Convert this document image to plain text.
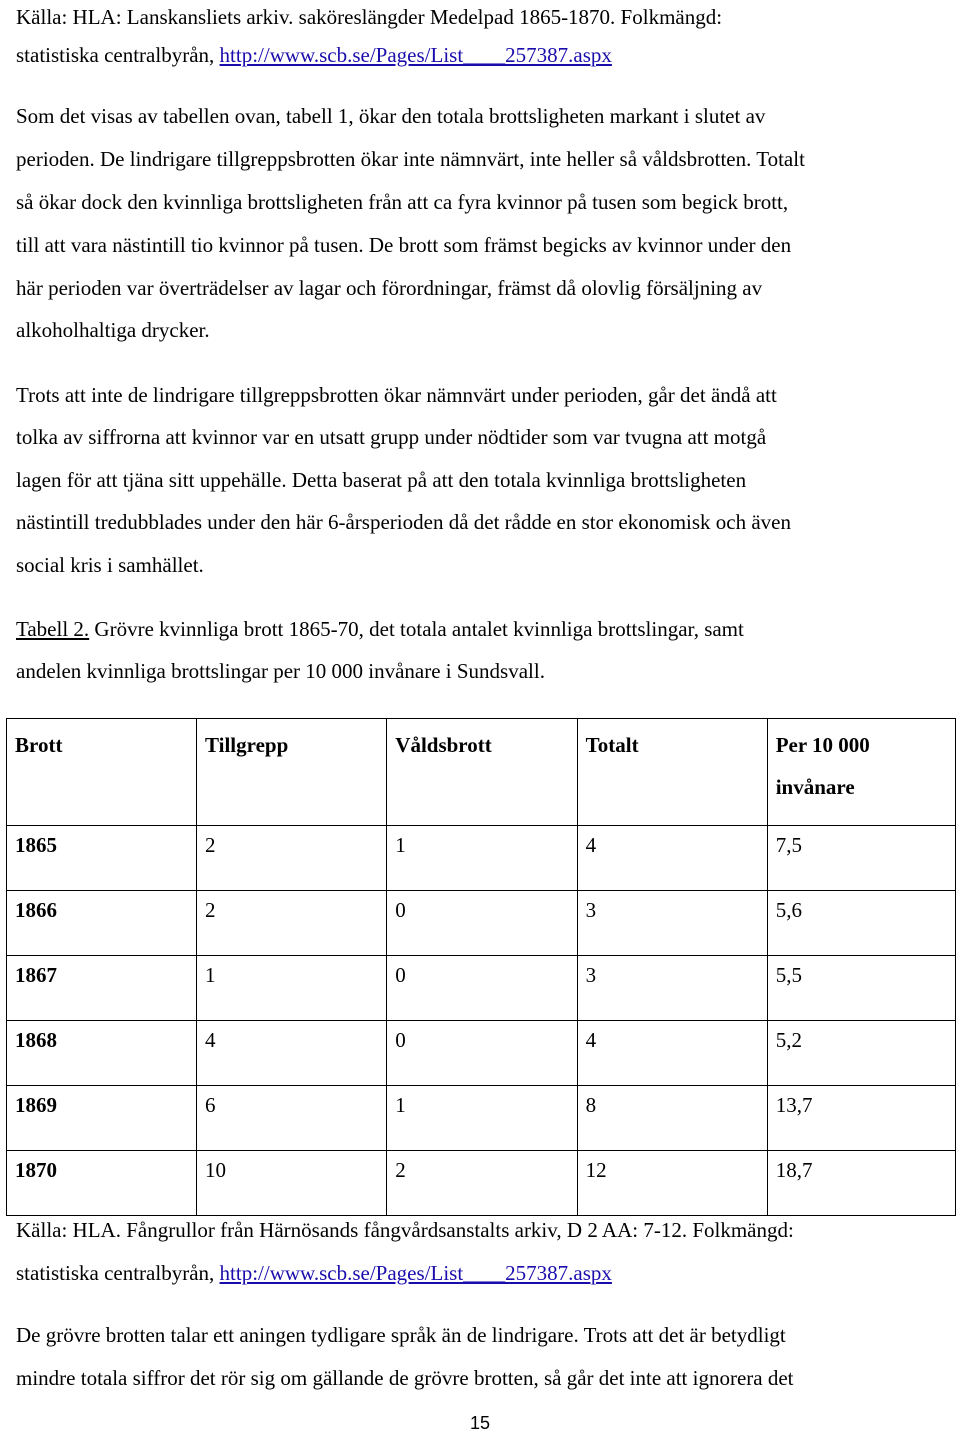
Källa: HLA: Lanskansliets arkiv. saköreslängder Medelpad 1865-1870. Folkmängd:
statistiska centralbyrån, http://www.scb.se/Pages/List____257387.aspx
Som det visas av tabellen ovan, tabell 1, ökar den totala brottsligheten markant i slutet av
perioden. De lindrigare tillgreppsbrotten ökar inte nämnvärt, inte heller så våldsbrotten. Totalt
så ökar dock den kvinnliga brottsligheten från att ca fyra kvinnor på tusen som begick brott,
till att vara nästintill tio kvinnor på tusen. De brott som främst begicks av kvinnor under den
här perioden var överträdelser av lagar och förordningar, främst då olovlig försäljning av
alkoholhaltiga drycker.
Trots att inte de lindrigare tillgreppsbrotten ökar nämnvärt under perioden, går det ändå att
tolka av siffrorna att kvinnor var en utsatt grupp under nödtider som var tvugna att motgå
lagen för att tjäna sitt uppehälle. Detta baserat på att den totala kvinnliga brottsligheten
nästintill tredubblades under den här 6-årsperioden då det rådde en stor ekonomisk och även
social kris i samhället.
Tabell 2. Grövre kvinnliga brott 1865-70, det totala antalet kvinnliga brottslingar, samt
andelen kvinnliga brottslingar per 10 000 invånare i Sundsvall.
Källa: HLA. Fångrullor från Härnösands fångvårdsanstalts arkiv, D 2 AA: 7-12. Folkmängd:
statistiska centralbyrån, http://www.scb.se/Pages/List____257387.aspx
De grövre brotten talar ett aningen tydligare språk än de lindrigare. Trots att det är betydligt
mindre totala siffror det rör sig om gällande de grövre brotten, så går det inte att ignorera det
Brott	Tillgrepp	Våldsbrott	Totalt	Per 10 000 invånare

1865	2	1	4	7,5

1866	2	0	3	5,6

1867	1	0	3	5,5

1868	4	0	4	5,2

1869	6	1	8	13,7

1870	10	2	12	18,7
15
